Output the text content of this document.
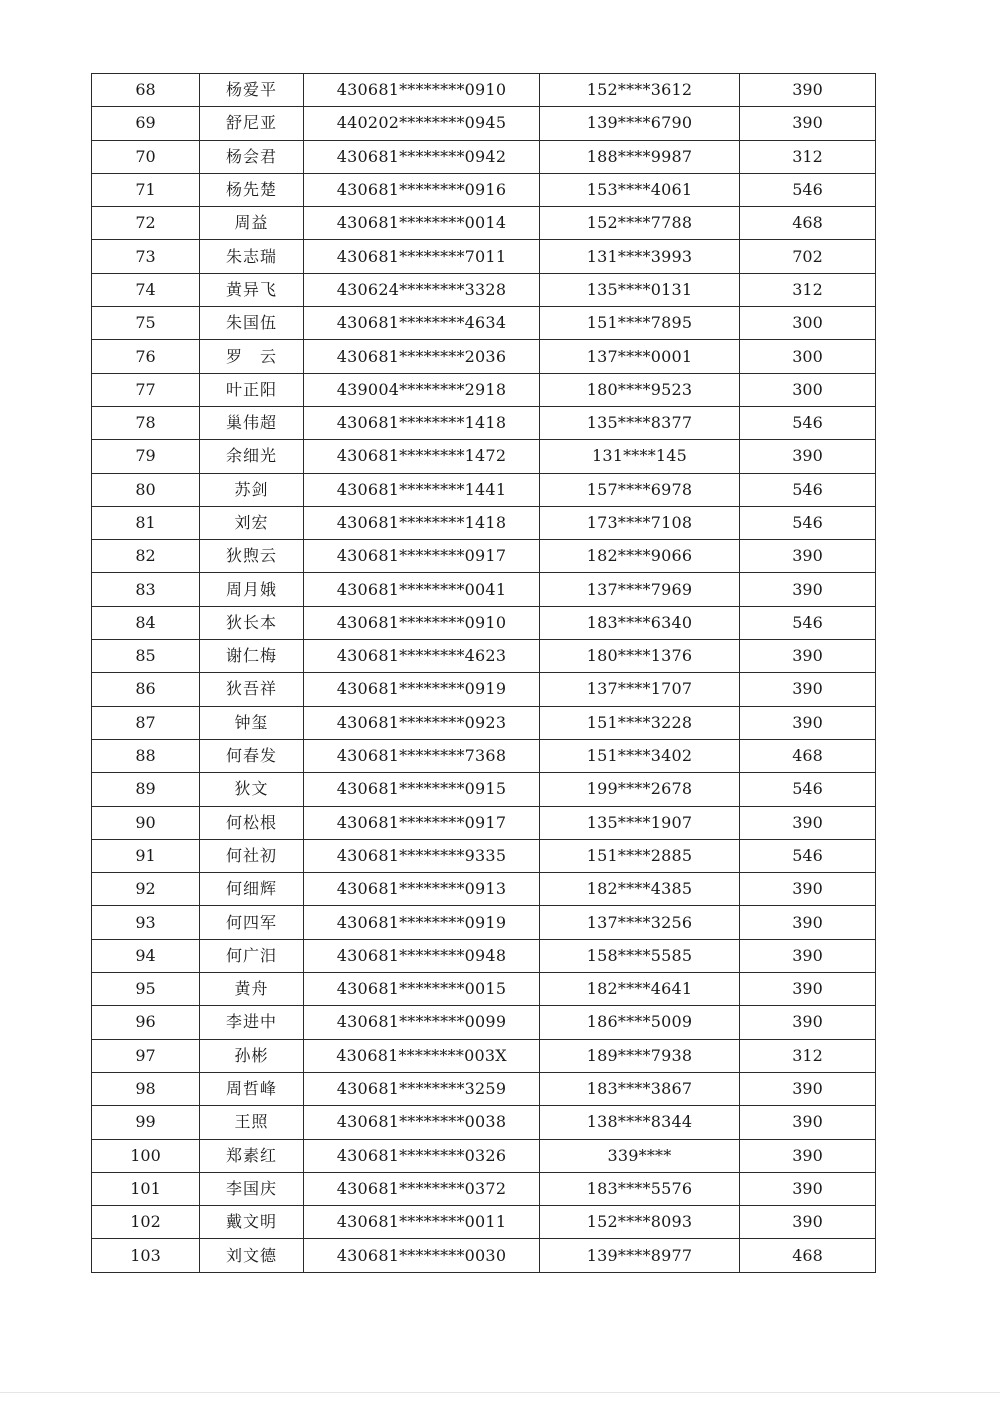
68	杨爱平	430681********0910	152****3612	390
69	舒尼亚	440202********0945	139****6790	390
70	杨会君	430681********0942	188****9987	312
71	杨先楚	430681********0916	153****4061	546
72	周益	430681********0014	152****7788	468
73	朱志瑞	430681********7011	131****3993	702
74	黄异飞	430624********3328	135****0131	312
75	朱国伍	430681********4634	151****7895	300
76	罗　云	430681********2036	137****0001	300
77	叶正阳	439004********2918	180****9523	300
78	巢伟超	430681********1418	135****8377	546
79	余细光	430681********1472	131****145	390
80	苏剑	430681********1441	157****6978	546
81	刘宏	430681********1418	173****7108	546
82	狄煦云	430681********0917	182****9066	390
83	周月娥	430681********0041	137****7969	390
84	狄长本	430681********0910	183****6340	546
85	谢仁梅	430681********4623	180****1376	390
86	狄吾祥	430681********0919	137****1707	390
87	钟玺	430681********0923	151****3228	390
88	何春发	430681********7368	151****3402	468
89	狄文	430681********0915	199****2678	546
90	何松根	430681********0917	135****1907	390
91	何社初	430681********9335	151****2885	546
92	何细辉	430681********0913	182****4385	390
93	何四军	430681********0919	137****3256	390
94	何广汨	430681********0948	158****5585	390
95	黄舟	430681********0015	182****4641	390
96	李进中	430681********0099	186****5009	390
97	孙彬	430681********003X	189****7938	312
98	周哲峰	430681********3259	183****3867	390
99	王照	430681********0038	138****8344	390
100	郑素红	430681********0326	339****	390
101	李国庆	430681********0372	183****5576	390
102	戴文明	430681********0011	152****8093	390
103	刘文德	430681********0030	139****8977	468
